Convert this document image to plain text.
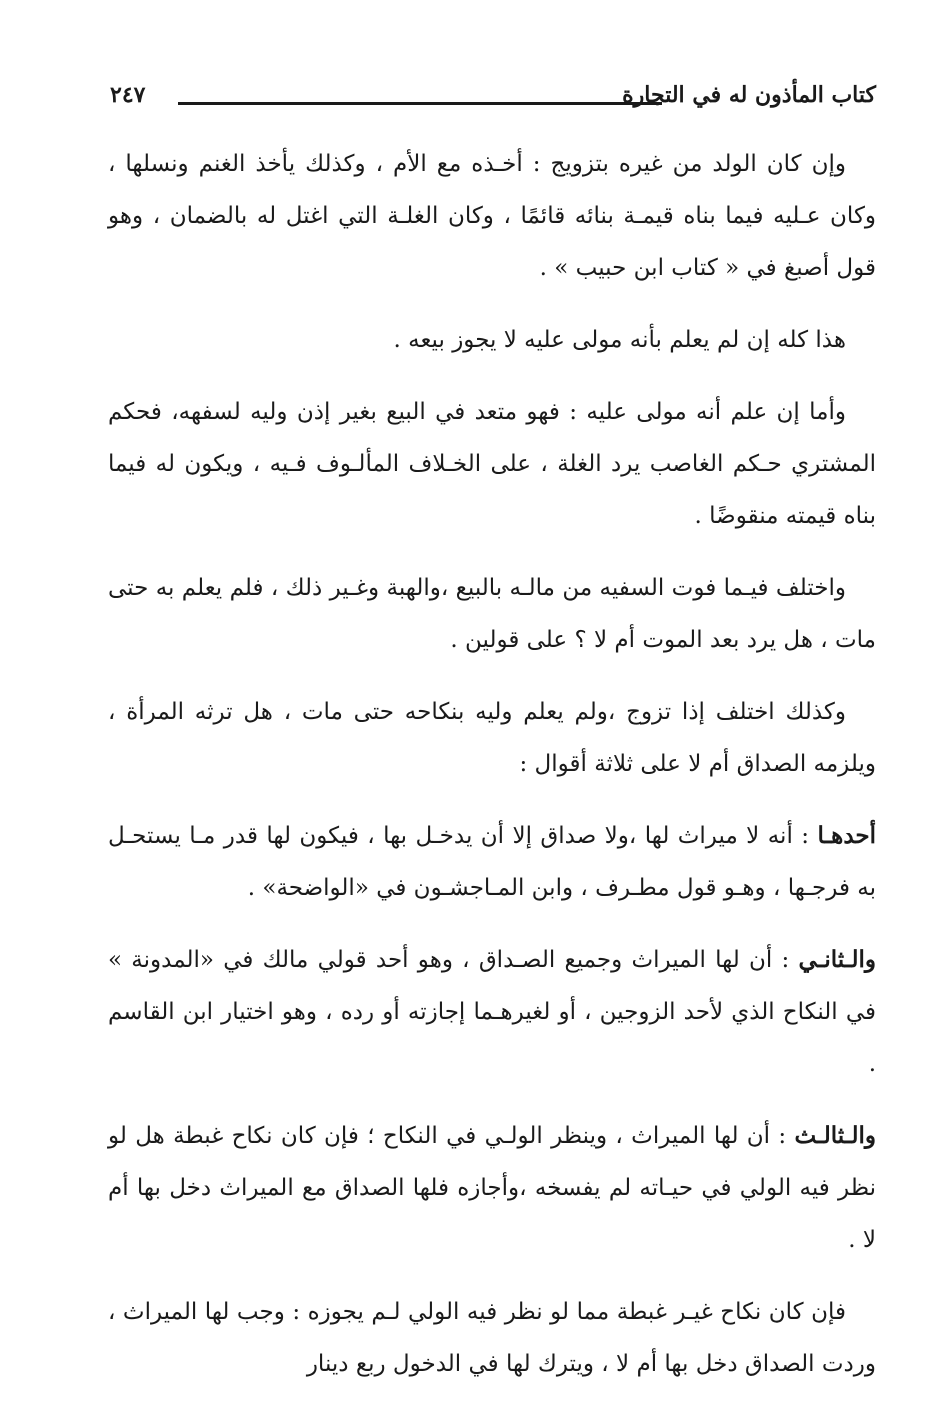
كتاب المأذون له في التجارة
٢٤٧

وإن كان الولد من غيره بتزويج : أخـذه مع الأم ، وكذلك يأخذ الغنم ونسلها ، وكان عـليه فيما بناه قيمـة بنائه قائمًا ، وكان الغلـة التي اغتل له بالضمان ، وهو قول أصبغ في « كتاب ابن حبيب » .

هذا كله إن لم يعلم بأنه مولى عليه لا يجوز بيعه .

وأما إن علم أنه مولى عليه : فهو متعد في البيع بغير إذن وليه لسفهه، فحكم المشتري حـكم الغاصب يرد الغلة ، على الخـلاف المألـوف فـيه ، ويكون له فيما بناه قيمته منقوضًا .

واختلف فيـما فوت السفيه من مالـه بالبيع ،والهبة وغـير ذلك ، فلم يعلم به حتى مات ، هل يرد بعد الموت أم لا ؟ على قولين .

وكذلك اختلف إذا تزوج ،ولم يعلم وليه بنكاحه حتى مات ، هل ترثه المرأة ، ويلزمه الصداق أم لا على ثلاثة أقوال :

أحدهـا : أنه لا ميراث لها ،ولا صداق إلا أن يدخـل بها ، فيكون لها قدر مـا يستحـل به فرجـها ، وهـو قول مطـرف ، وابن المـاجشـون في «الواضحة» .

والـثانـي : أن لها الميراث وجميع الصـداق ، وهو أحد قولي مالك في «المدونة » في النكاح الذي لأحد الزوجين ، أو لغيرهـما إجازته أو رده ، وهو اختيار ابن القاسم .

والـثالـث : أن لها الميراث ، وينظر الولـي في النكاح ؛ فإن كان نكاح غبطة هل لو نظر فيه الولي في حيـاته لم يفسخه ،وأجازه فلها الصداق مع الميراث دخل بها أم لا .

فإن كان نكاح غيـر غبطة مما لو نظر فيه الولي لـم يجوزه : وجب لها الميراث ، وردت الصداق دخل بها أم لا ، ويترك لها في الدخول ربع دينار
